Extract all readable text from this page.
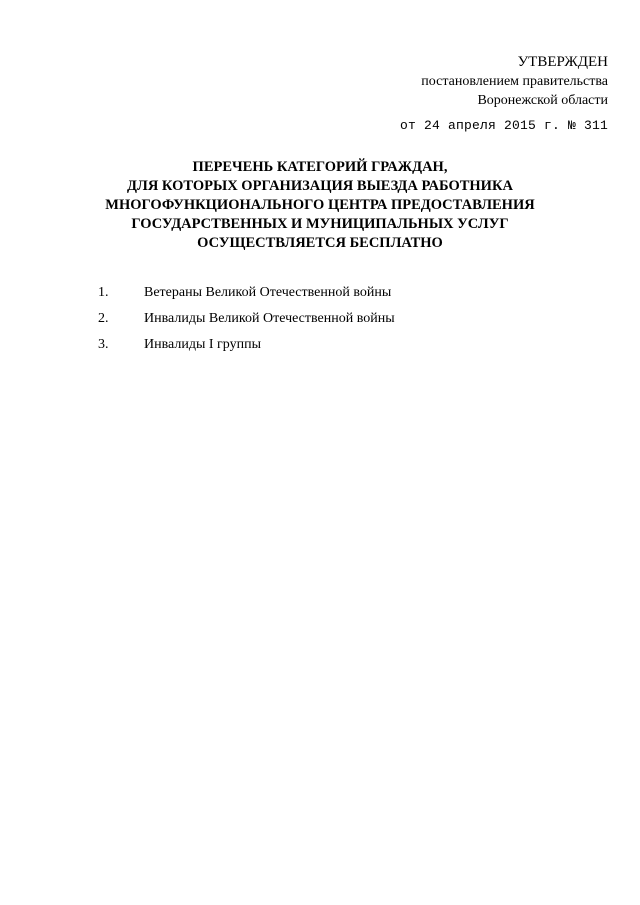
УТВЕРЖДЕН
постановлением правительства
Воронежской области
от 24 апреля 2015 г. № 311
ПЕРЕЧЕНЬ КАТЕГОРИЙ ГРАЖДАН,
ДЛЯ КОТОРЫХ ОРГАНИЗАЦИЯ ВЫЕЗДА РАБОТНИКА
МНОГОФУНКЦИОНАЛЬНОГО ЦЕНТРА ПРЕДОСТАВЛЕНИЯ
ГОСУДАРСТВЕННЫХ И МУНИЦИПАЛЬНЫХ УСЛУГ
ОСУЩЕСТВЛЯЕТСЯ БЕСПЛАТНО
1.	Ветераны Великой Отечественной войны
2.	Инвалиды Великой Отечественной войны
3.	Инвалиды I группы
